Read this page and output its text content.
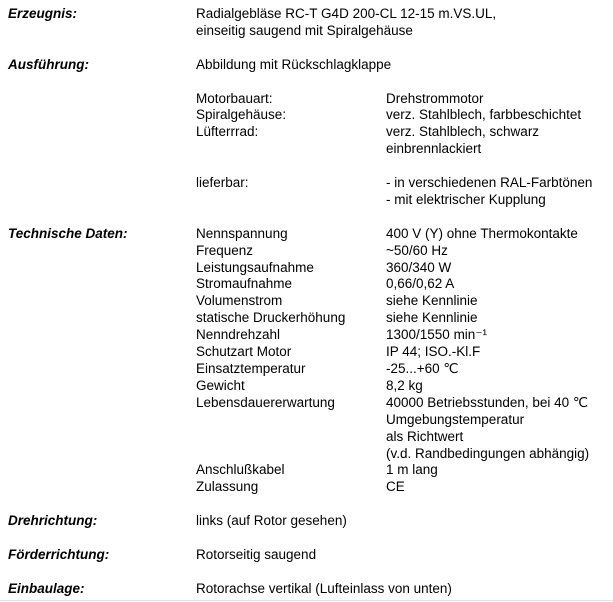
Erzeugnis:	Radialgebläse RC-T G4D 200-CL 12-15 m.VS.UL,
einseitig saugend mit Spiralgehäuse
Ausführung:	Abbildung mit Rückschlagklappe
Motorbauart:	Drehstrommotor
Spiralgehäuse:	verz. Stahlblech, farbbeschichtet
Lüfterrrad:	verz. Stahlblech, schwarz
einbrennlackiert
lieferbar:	- in verschiedenen RAL-Farbtönen
- mit elektrischer Kupplung
Technische Daten:	Nennspannung	400 V (Y) ohne Thermokontakte
Frequenz	~50/60 Hz
Leistungsaufnahme	360/340 W
Stromaufnahme	0,66/0,62 A
Volumenstrom	siehe Kennlinie
statische Druckerhöhung	siehe Kennlinie
Nenndrehzahl	1300/1550 min⁻¹
Schutzart Motor	IP 44; ISO.-Kl.F
Einsatztemperatur	-25...+60 ℃
Gewicht	8,2 kg
Lebensdauererwartung	40000 Betriebsstunden, bei 40 ℃
Umgebungstemperatur
als Richtwert
(v.d. Randbedingungen abhängig)
Anschlußkabel	1 m lang
Zulassung	CE
Drehrichtung:	links (auf Rotor gesehen)
Förderrichtung:	Rotorseitig saugend
Einbaulage:	Rotorachse vertikal (Lufteinlass von unten)
